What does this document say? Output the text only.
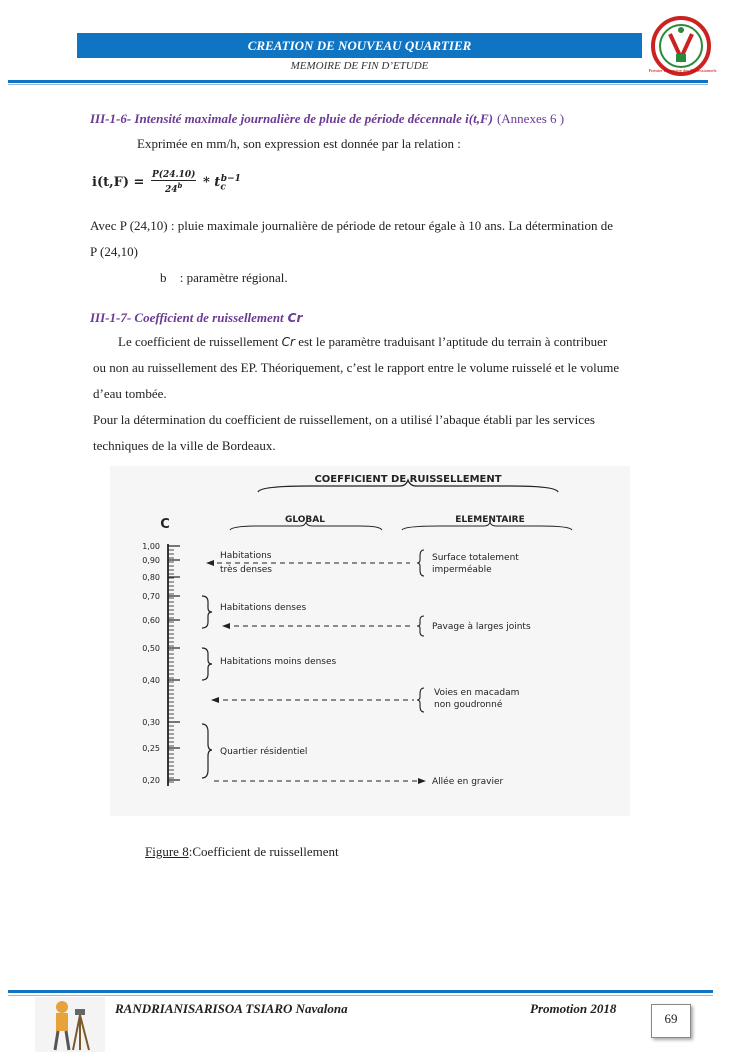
CREATION DE NOUVEAU QUARTIER
MEMOIRE DE FIN D’ETUDE	Premier Partenaire des Professionnels
III-1-6- Intensité maximale journalière de pluie de période décennale i(t,F) (Annexes 6 )
Exprimée en mm/h, son expression est donnée par la relation :
$i(t,F) = \frac{P(24.10)}{24^b} * t_c^{b-1}$
Avec P (24,10) : pluie maximale journalière de période de retour égale à 10 ans. La détermination de
P (24,10)
b : paramètre régional.
III-1-7- Coefficient de ruissellement Cr
Le coefficient de ruissellement Cr est le paramètre traduisant l’aptitude du terrain à contribuer
ou non au ruissellement des EP. Théoriquement, c’est le rapport entre le volume ruisselé et le volume
d’eau tombée.
Pour la détermination du coefficient de ruissellement, on a utilisé l’abaque établi par les services
techniques de la ville de Bordeaux.
COEFFICIENT DE RUISSELLEMENT
C	GLOBAL	ELEMENTAIRE
1,00
0,90
0,80
0,70
0,60
0,50
0,40
0,30
0,25
0,20
Habitations
très denses
Habitations denses
Habitations moins denses
Quartier résidentiel
Surface totalement
imperméable
Pavage à larges joints
Voies en macadam
non goudronné
Allée en gravier
Figure 8:Coefficient de ruissellement
RANDRIANISARISOA TSIARO Navalona	Promotion 2018
69
